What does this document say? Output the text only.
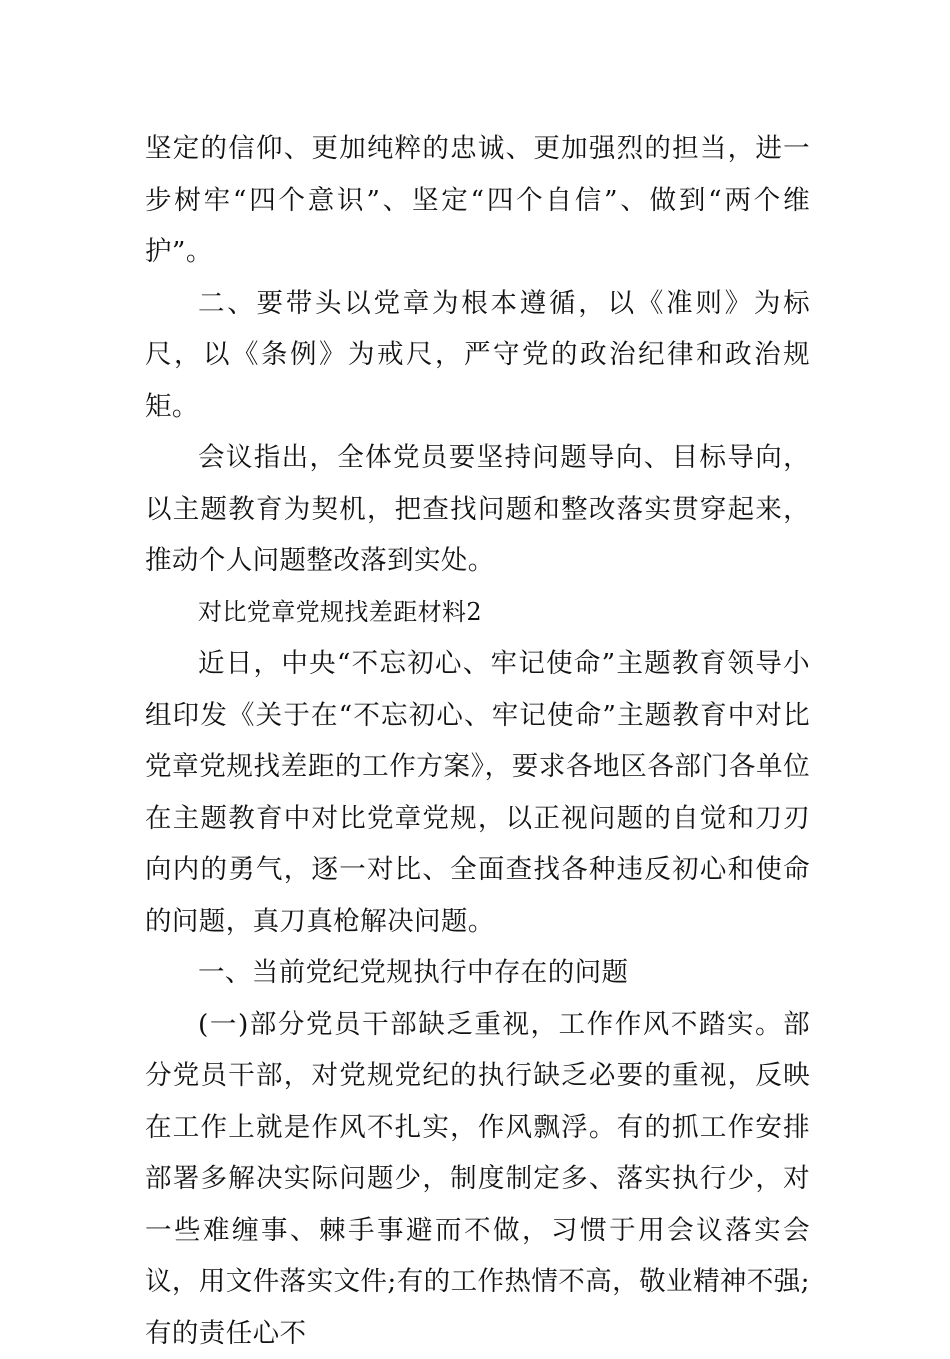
坚定的信仰、更加纯粹的忠诚、更加强烈的担当，进一步树牢“四个意识”、坚定“四个自信”、做到“两个维护”。

二、要带头以党章为根本遵循，以《准则》为标尺，以《条例》为戒尺，严守党的政治纪律和政治规矩。

会议指出，全体党员要坚持问题导向、目标导向，以主题教育为契机，把查找问题和整改落实贯穿起来，推动个人问题整改落到实处。

对比党章党规找差距材料2

近日，中央“不忘初心、牢记使命”主题教育领导小组印发《关于在“不忘初心、牢记使命”主题教育中对比党章党规找差距的工作方案》，要求各地区各部门各单位在主题教育中对比党章党规，以正视问题的自觉和刀刃向内的勇气，逐一对比、全面查找各种违反初心和使命的问题，真刀真枪解决问题。

一、当前党纪党规执行中存在的问题

(一)部分党员干部缺乏重视，工作作风不踏实。部分党员干部，对党规党纪的执行缺乏必要的重视，反映在工作上就是作风不扎实，作风飘浮。有的抓工作安排部署多解决实际问题少，制度制定多、落实执行少，对一些难缠事、棘手事避而不做，习惯于用会议落实会议，用文件落实文件;有的工作热情不高，敬业精神不强;有的责任心不
